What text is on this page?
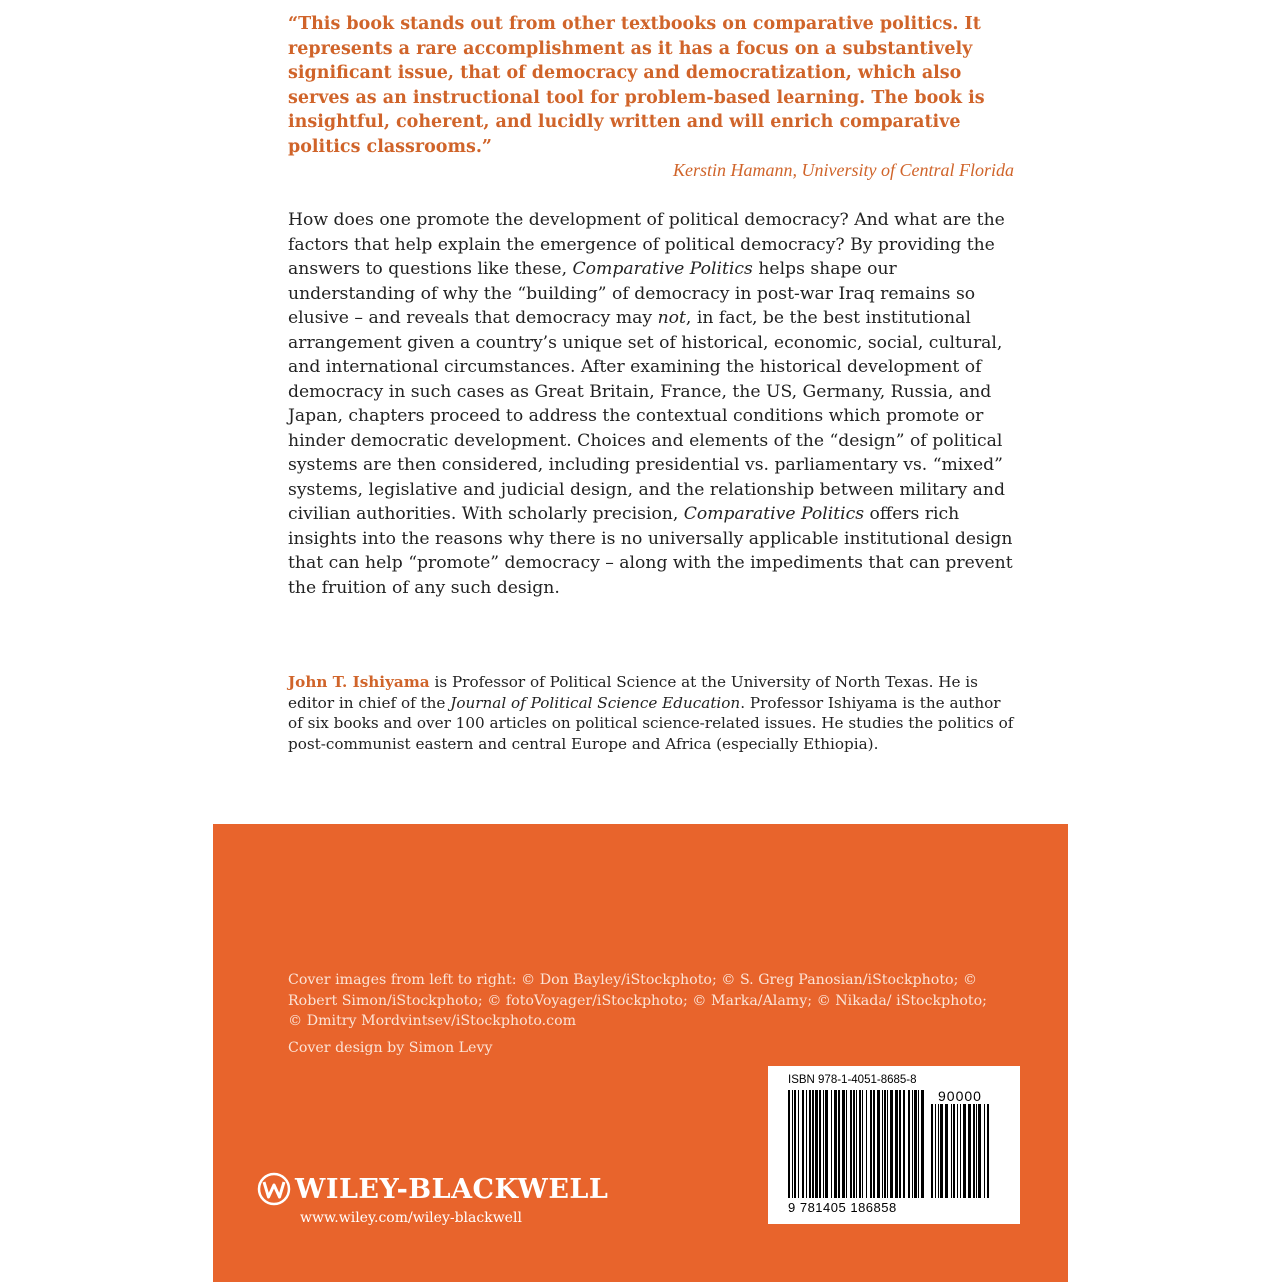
“This book stands out from other textbooks on comparative politics. It represents a rare accomplishment as it has a focus on a substantively significant issue, that of democracy and democratization, which also serves as an instructional tool for problem-based learning. The book is insightful, coherent, and lucidly written and will enrich comparative politics classrooms.”
Kerstin Hamann, University of Central Florida
How does one promote the development of political democracy? And what are the factors that help explain the emergence of political democracy? By providing the answers to questions like these, Comparative Politics helps shape our understanding of why the “building” of democracy in post-war Iraq remains so elusive – and reveals that democracy may not, in fact, be the best institutional arrangement given a country’s unique set of historical, economic, social, cultural, and international circumstances. After examining the historical development of democracy in such cases as Great Britain, France, the US, Germany, Russia, and Japan, chapters proceed to address the contextual conditions which promote or hinder democratic development. Choices and elements of the “design” of political systems are then considered, including presidential vs. parliamentary vs. “mixed” systems, legislative and judicial design, and the relationship between military and civilian authorities. With scholarly precision, Comparative Politics offers rich insights into the reasons why there is no universally applicable institutional design that can help “promote” democracy – along with the impediments that can prevent the fruition of any such design.
John T. Ishiyama is Professor of Political Science at the University of North Texas. He is editor in chief of the Journal of Political Science Education. Professor Ishiyama is the author of six books and over 100 articles on political science-related issues. He studies the politics of post-communist eastern and central Europe and Africa (especially Ethiopia).
Cover images from left to right: © Don Bayley/iStockphoto; © S. Greg Panosian/iStockphoto; © Robert Simon/iStockphoto; © fotoVoyager/iStockphoto; © Marka/Alamy; © Nikada/ iStockphoto; © Dmitry Mordvintsev/iStockphoto.com
Cover design by Simon Levy
WILEY-BLACKWELL
www.wiley.com/wiley-blackwell
ISBN 978-1-4051-8685-8
90000
9 781405 186858
